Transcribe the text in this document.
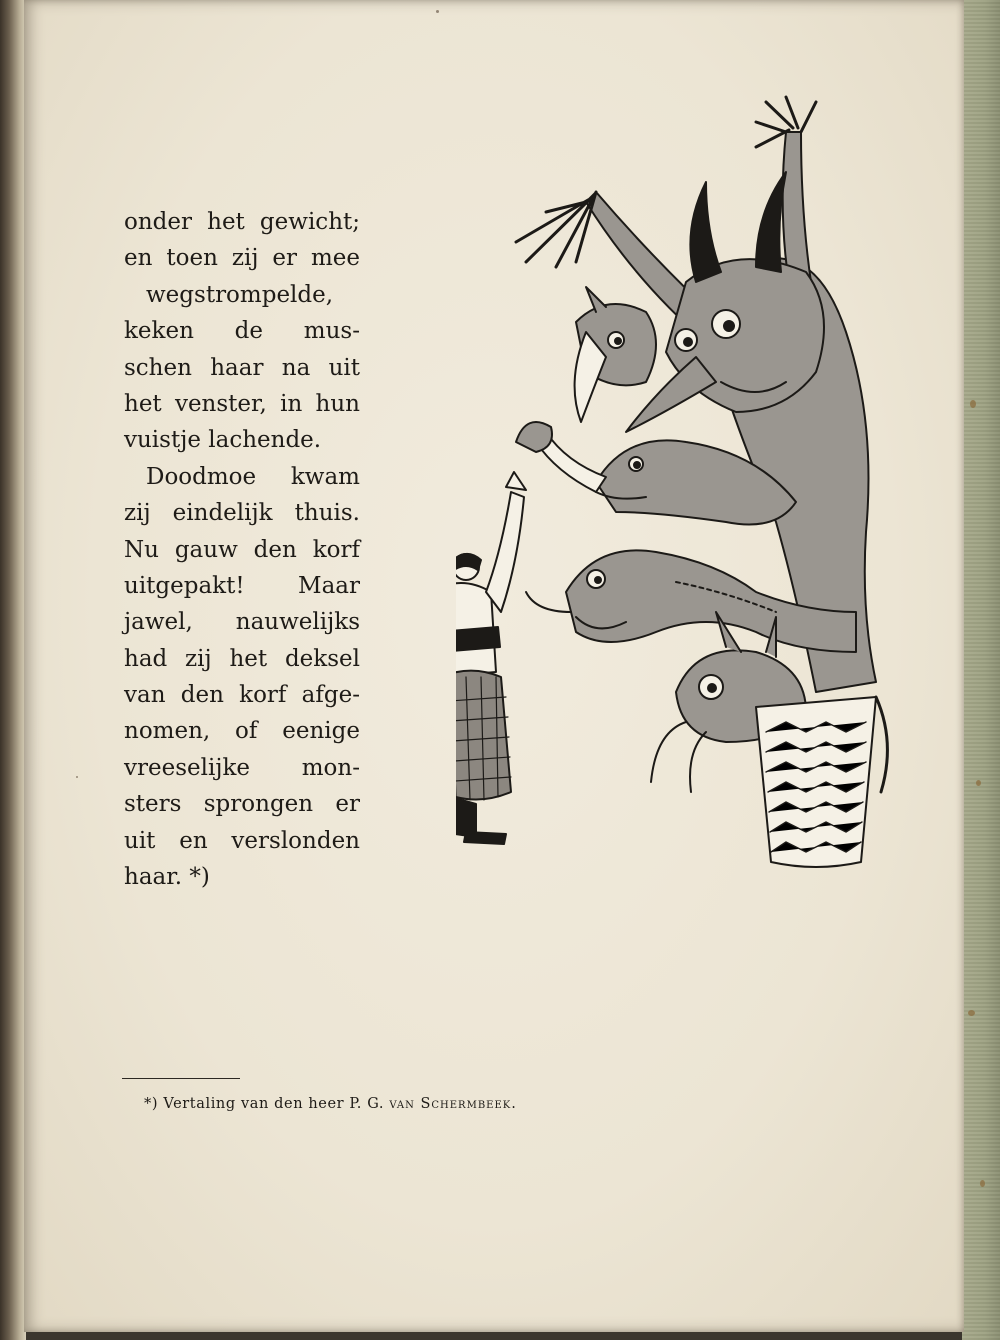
onder het gewicht;
en toen zij er mee
wegstrompelde,
keken de mus-
schen haar na uit
het venster, in hun
vuistje lachende.
Doodmoe kwam
zij eindelijk thuis.
Nu gauw den korf
uitgepakt! Maar
jawel, nauwelijks
had zij het deksel
van den korf afge-
nomen, of eenige
vreeselijke mon-
sters sprongen er
uit en verslonden
haar. *)
*) Vertaling van den heer P. G. van Schermbeek.
